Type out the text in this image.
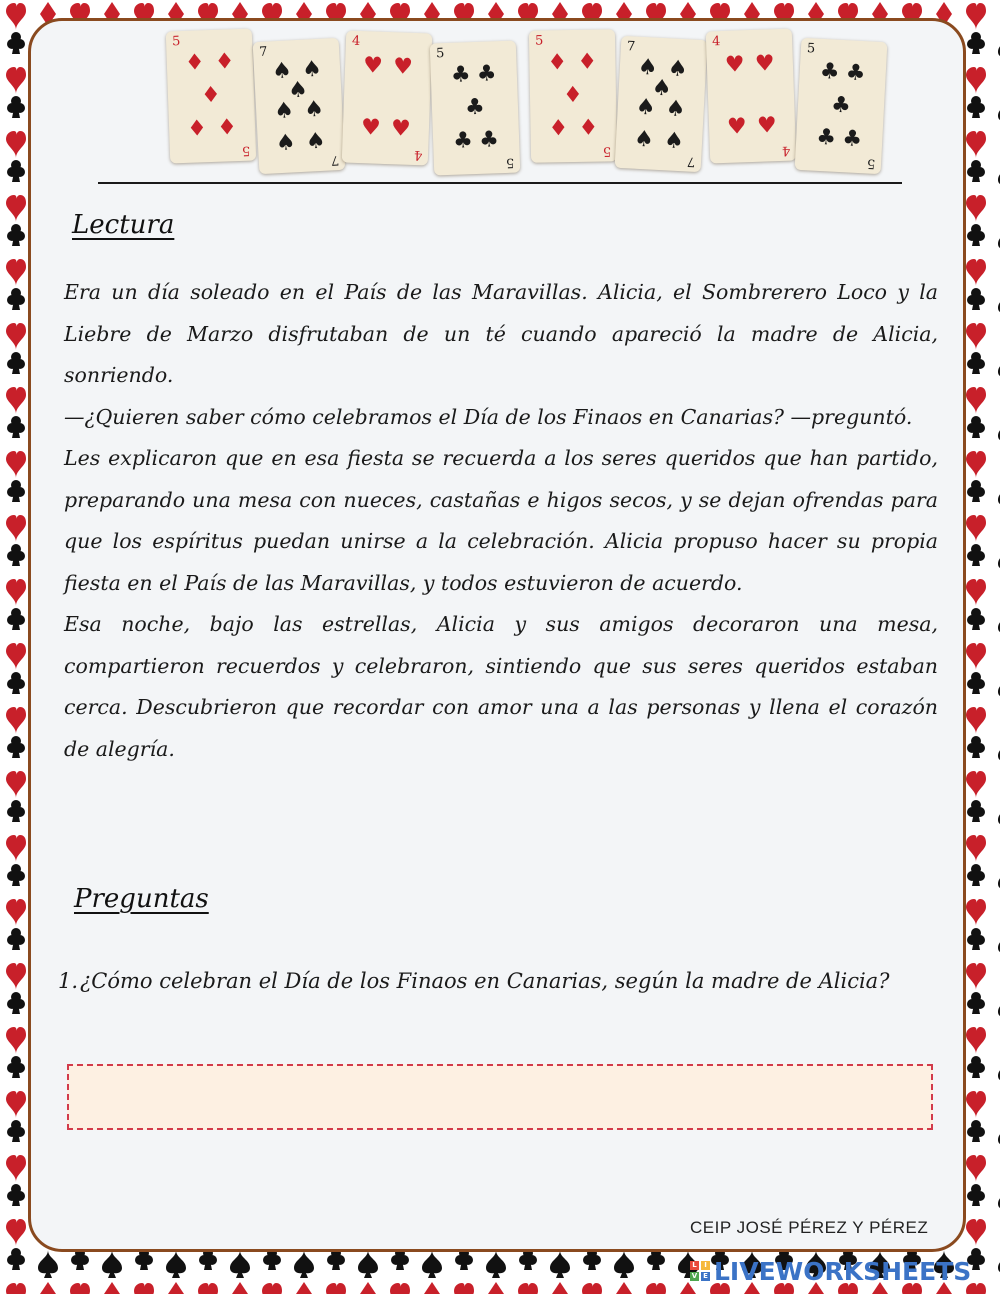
5
♦ ♦
♦
♦ ♦
5
7
♠ ♠
♠
♠ ♠
♠ ♠
7
4
♥ ♥
♥ ♥
4
5
♣ ♣
♣
♣ ♣
5
5
♦ ♦
♦
♦ ♦
5
7
♠ ♠
♠
♠ ♠
♠ ♠
7
4
♥ ♥
♥ ♥
4
5
♣ ♣
♣
♣ ♣
5
Lectura

Era un día soleado en el País de las Maravillas. Alicia, el Sombrerero Loco y la Liebre de Marzo disfrutaban de un té cuando apareció la madre de Alicia, sonriendo.

—¿Quieren saber cómo celebramos el Día de los Finaos en Canarias? —preguntó.

Les explicaron que en esa fiesta se recuerda a los seres queridos que han partido, preparando una mesa con nueces, castañas e higos secos, y se dejan ofrendas para que los espíritus puedan unirse a la celebración. Alicia propuso hacer su propia fiesta en el País de las Maravillas, y todos estuvieron de acuerdo.

Esa noche, bajo las estrellas, Alicia y sus amigos decoraron una mesa, compartieron recuerdos y celebraron, sintiendo que sus seres queridos estaban cerca. Descubrieron que recordar con amor una a las personas y llena el corazón de alegría.

Preguntas
1. ¿Cómo celebran el Día de los Finaos en Canarias, según la madre de Alicia?
CEIP JOSÉ PÉREZ Y PÉREZ
L	I
V E LIVEWORKSHEETS
